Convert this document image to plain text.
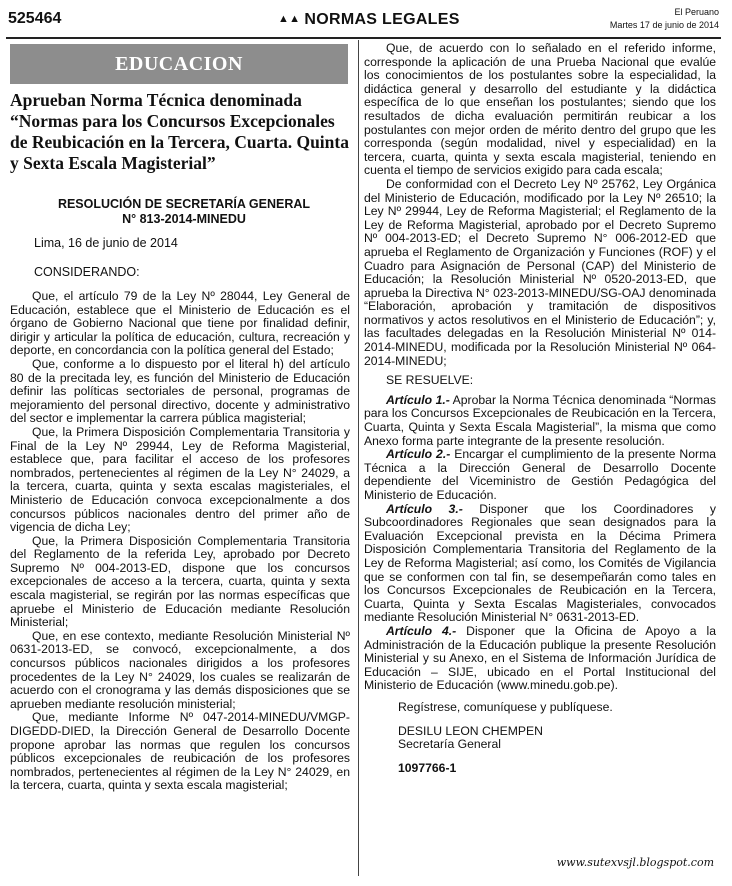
525464	▲▲ NORMAS LEGALES	El Peruano
Martes 17 de junio de 2014
EDUCACION
Aprueban Norma Técnica denominada “Normas para los Concursos Excepcionales de Reubicación en la Tercera, Cuarta. Quinta y Sexta Escala Magisterial”
RESOLUCIÓN DE SECRETARÍA GENERAL
N° 813-2014-MINEDU
Lima, 16 de junio de 2014
CONSIDERANDO:

Que, el artículo 79 de la Ley Nº 28044, Ley General de Educación, establece que el Ministerio de Educación es el órgano de Gobierno Nacional que tiene por finalidad definir, dirigir y articular la política de educación, cultura, recreación y deporte, en concordancia con la política general del Estado;

Que, conforme a lo dispuesto por el literal h) del artículo 80 de la precitada ley, es función del Ministerio de Educación definir las políticas sectoriales de personal, programas de mejoramiento del personal directivo, docente y administrativo del sector e implementar la carrera pública magisterial;

Que, la Primera Disposición Complementaria Transitoria y Final de la Ley Nº 29944, Ley de Reforma Magisterial, establece que, para facilitar el acceso de los profesores nombrados, pertenecientes al régimen de la Ley N° 24029, a la tercera, cuarta, quinta y sexta escalas magisteriales, el Ministerio de Educación convoca excepcionalmente a dos concursos públicos nacionales dentro del primer año de vigencia de dicha Ley;

Que, la Primera Disposición Complementaria Transitoria del Reglamento de la referida Ley, aprobado por Decreto Supremo Nº 004-2013-ED, dispone que los concursos excepcionales de acceso a la tercera, cuarta, quinta y sexta escala magisterial, se regirán por las normas específicas que apruebe el Ministerio de Educación mediante Resolución Ministerial;

Que, en ese contexto, mediante Resolución Ministerial Nº 0631-2013-ED, se convocó, excepcionalmente, a dos concursos públicos nacionales dirigidos a los profesores procedentes de la Ley N° 24029, los cuales se realizarán de acuerdo con el cronograma y las demás disposiciones que se aprueben mediante resolución ministerial;

Que, mediante Informe Nº 047-2014-MINEDU/VMGP-DIGEDD-DIED, la Dirección General de Desarrollo Docente propone aprobar las normas que regulen los concursos públicos excepcionales de reubicación de los profesores nombrados, pertenecientes al régimen de la Ley N° 24029, en la tercera, cuarta, quinta y sexta escala magisterial;

Que, de acuerdo con lo señalado en el referido informe, corresponde la aplicación de una Prueba Nacional que evalúe los conocimientos de los postulantes sobre la especialidad, la didáctica general y desarrollo del estudiante y la didáctica específica de lo que enseñan los postulantes; siendo que los resultados de dicha evaluación permitirán reubicar a los postulantes con mejor orden de mérito dentro del grupo que les corresponda (según modalidad, nivel y especialidad) en la tercera, cuarta, quinta y sexta escala magisterial, teniendo en cuenta el tiempo de servicios exigido para cada escala;

De conformidad con el Decreto Ley Nº 25762, Ley Orgánica del Ministerio de Educación, modificado por la Ley Nº 26510; la Ley Nº 29944, Ley de Reforma Magisterial; el Reglamento de la Ley de Reforma Magisterial, aprobado por el Decreto Supremo Nº 004-2013-ED; el Decreto Supremo N° 006-2012-ED que aprueba el Reglamento de Organización y Funciones (ROF) y el Cuadro para Asignación de Personal (CAP) del Ministerio de Educación; la Resolución Ministerial Nº 0520-2013-ED, que aprueba la Directiva N° 023-2013-MINEDU/SG-OAJ denominada “Elaboración, aprobación y tramitación de dispositivos normativos y actos resolutivos en el Ministerio de Educación”; y, las facultades delegadas en la Resolución Ministerial Nº 014-2014-MINEDU, modificada por la Resolución Ministerial Nº 064-2014-MINEDU;

SE RESUELVE:

Artículo 1.- Aprobar la Norma Técnica denominada “Normas para los Concursos Excepcionales de Reubicación en la Tercera, Cuarta, Quinta y Sexta Escala Magisterial”, la misma que como Anexo forma parte integrante de la presente resolución.

Artículo 2.- Encargar el cumplimiento de la presente Norma Técnica a la Dirección General de Desarrollo Docente dependiente del Viceministro de Gestión Pedagógica del Ministerio de Educación.

Artículo 3.- Disponer que los Coordinadores y Subcoordinadores Regionales que sean designados para la Evaluación Excepcional prevista en la Décima Primera Disposición Complementaria Transitoria del Reglamento de la Ley de Reforma Magisterial; así como, los Comités de Vigilancia que se conformen con tal fin, se desempeñarán como tales en los Concursos Excepcionales de Reubicación en la Tercera, Cuarta, Quinta y Sexta Escalas Magisteriales, convocados mediante Resolución Ministerial N° 0631-2013-ED.

Artículo 4.- Disponer que la Oficina de Apoyo a la Administración de la Educación publique la presente Resolución Ministerial y su Anexo, en el Sistema de Información Jurídica de Educación – SIJE, ubicado en el Portal Institucional del Ministerio de Educación (www.minedu.gob.pe).

Regístrese, comuníquese y publíquese.

DESILU LEON CHEMPEN

Secretaría General

1097766-1

www.sutexvsjl.blogspot.com
